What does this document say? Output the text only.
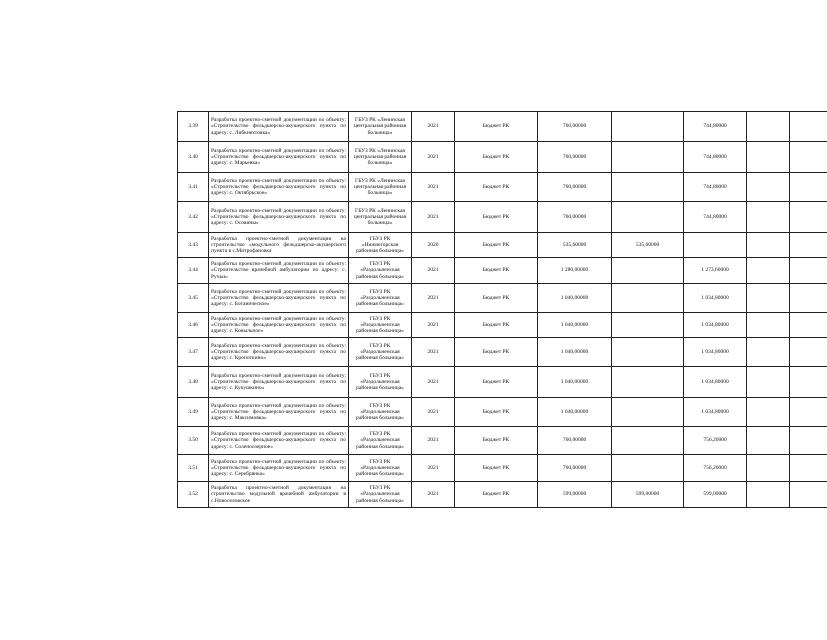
3.39	Разработка проектно-сметной документации по объекту: «Строительство фельдшерско-акушерского пункта по адресу: с. Либкнехтовка»	ГБУЗ РК «Ленинская центральная районная больница»	2021	Бюджет РК	760,00000		744,80000		
3.40	Разработка проектно-сметной документации по объекту: «Строительство фельдшерско-акушерского пункта по адресу: с. Марьевка»	ГБУЗ РК «Ленинская центральная районная больница»	2021	Бюджет РК	760,00000		744,80000		
3.41	Разработка проектно-сметной документации по объекту: «Строительство фельдшерско-акушерского пункта по адресу: с. Октябрьское»	ГБУЗ РК «Ленинская центральная районная больница»	2021	Бюджет РК	760,00000		744,80000		
3.42	Разработка проектно-сметной документации по объекту: «Строительство фельдшерско-акушерского пункта по адресу: с. Осовины»	ГБУЗ РК «Ленинская центральная районная больница»	2021	Бюджет РК	760,00000		744,80000		
3.43	Разработка проектно-сметной документации на строительство «модульного фельдшерско-акушерского пункта в с.Митрофановка	ГБУЗ РК «Нижнегорская районная больница»	2020	Бюджет РК	535,60000	535,60000			
3.44	Разработка проектно-сметной документации по объекту: «Строительство врачебной амбулатории по адресу: с. Ручьи»	ГБУЗ РК «Раздольненская районная больница»	2021	Бюджет РК	1 280,00000		1 273,60000		
3.45	Разработка проектно-сметной документации по объекту: «Строительство фельдшерско-акушерского пункта по адресу: с. Ботаническое»	ГБУЗ РК «Раздольненская районная больница»	2021	Бюджет РК	1 040,00000		1 034,80000		
3.46	Разработка проектно-сметной документации по объекту: «Строительство фельдшерско-акушерского пункта по адресу: с. Ковыльное»	ГБУЗ РК «Раздольненская районная больница»	2021	Бюджет РК	1 040,00000		1 034,80000		
3.47	Разработка проектно-сметной документации по объекту: «Строительство фельдшерско-акушерского пункта по адресу: с. Кропоткино»	ГБУЗ РК «Раздольненская районная больница»	2021	Бюджет РК	1 040,00000		1 034,80000		
3.48	Разработка проектно-сметной документации по объекту: «Строительство фельдшерско-акушерского пункта по адресу: с. Кукушкино»	ГБУЗ РК «Раздольненская районная больница»	2021	Бюджет РК	1 040,00000		1 034,80000		
3.49	Разработка проектно-сметной документации по объекту: «Строительство фельдшерско-акушерского пункта по адресу: с. Максимовка»	ГБУЗ РК «Раздольненская районная больница»	2021	Бюджет РК	1 040,00000		1 034,80000		
3.50	Разработка проектно-сметной документации по объекту: «Строительство фельдшерско-акушерского пункта по адресу: с. Соленоозерное»	ГБУЗ РК «Раздольненская районная больница»	2021	Бюджет РК	760,00000		756,20000		
3.51	Разработка проектно-сметной документации по объекту: «Строительство фельдшерско-акушерского пункта по адресу: с. Серебрянка»	ГБУЗ РК «Раздольненская районная больница»	2021	Бюджет РК	760,00000		756,20000		
3.52	Разработка проектно-сметной документации на строительство модульной врачебной амбулатории в с.Новоселовское	ГБУЗ РК «Раздольненская районная больница»	2021	Бюджет РК	599,00000	599,00000	599,00000		
